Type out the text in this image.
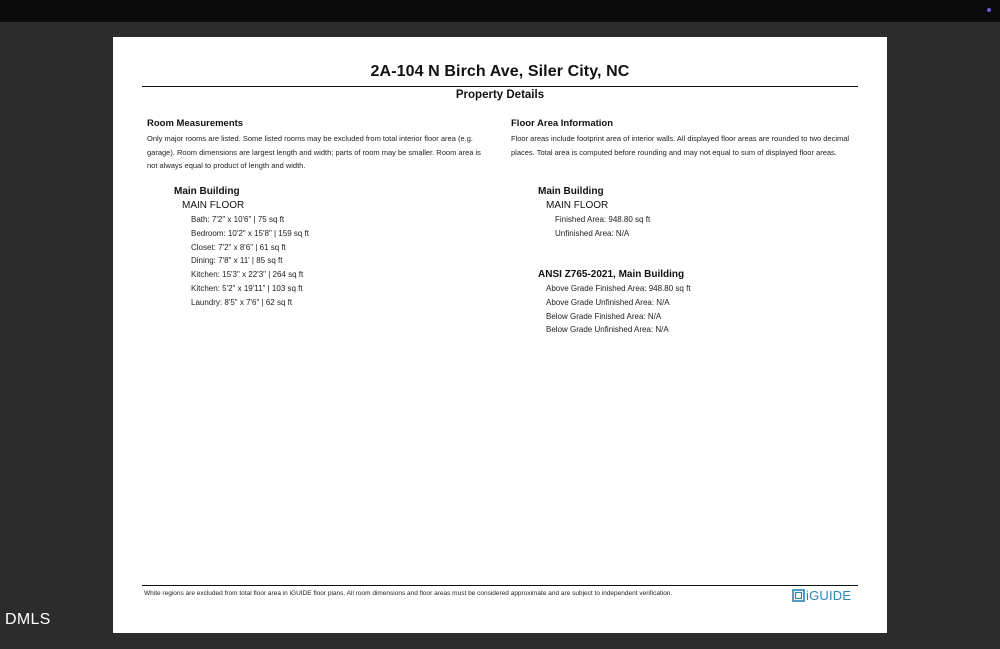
2A-104 N Birch Ave, Siler City, NC
Property Details
Room Measurements

Only major rooms are listed. Some listed rooms may be excluded from total interior floor area (e.g. garage). Room dimensions are largest length and width; parts of room may be smaller. Room area is not always equal to product of length and width.

Main Building
MAIN FLOOR
Bath: 7'2" x 10'6" | 75 sq ft
Bedroom: 10'2" x 15'8" | 159 sq ft
Closet: 7'2" x 8'6" | 61 sq ft
Dining: 7'8" x 11' | 85 sq ft
Kitchen: 15'3" x 22'3" | 264 sq ft
Kitchen: 5'2" x 19'11" | 103 sq ft
Laundry: 8'5" x 7'6" | 62 sq ft
Floor Area Information

Floor areas include footprint area of interior walls. All displayed floor areas are rounded to two decimal places. Total area is computed before rounding and may not equal to sum of displayed floor areas.

Main Building
MAIN FLOOR
Finished Area: 948.80 sq ft
Unfinished Area: N/A
ANSI Z765-2021, Main Building
Above Grade Finished Area: 948.80 sq ft
Above Grade Unfinished Area: N/A
Below Grade Finished Area: N/A
Below Grade Unfinished Area: N/A
White regions are excluded from total floor area in iGUIDE floor plans. All room dimensions and floor areas must be considered approximate and are subject to independent verification.	iGUIDE
DMLS
